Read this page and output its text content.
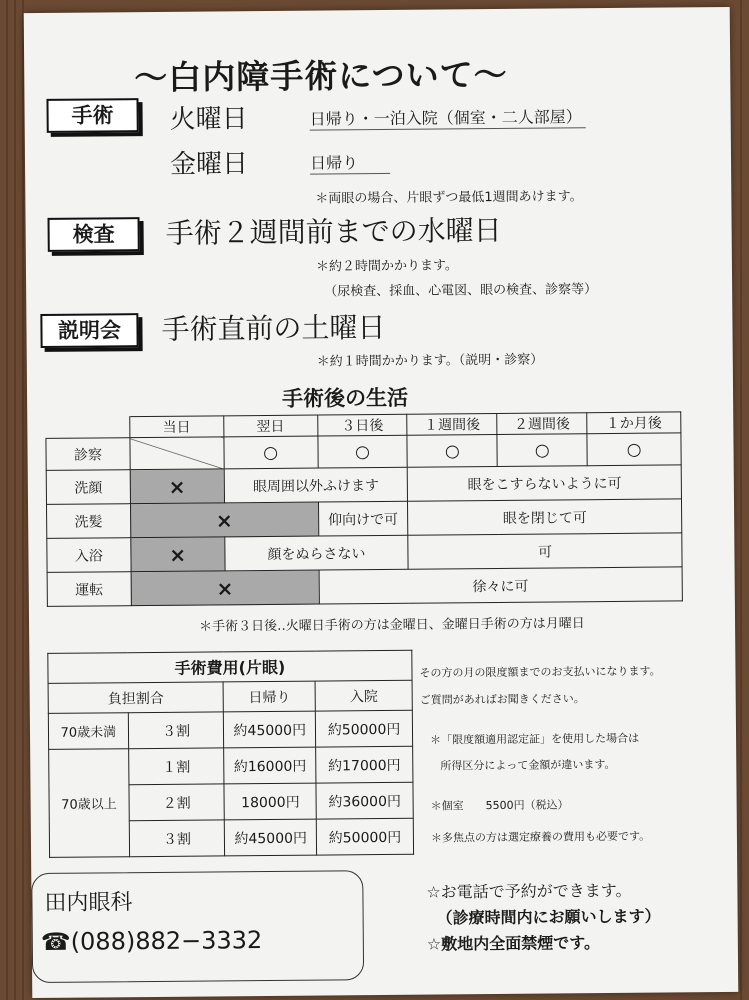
〜白内障手術について〜
手術	火曜日	日帰り・一泊入院（個室・二人部屋）
金曜日	日帰り
＊両眼の場合、片眼ずつ最低1週間あけます。
検査	手術２週間前までの水曜日
＊約２時間かかります。
（尿検査、採血、心電図、眼の検査、診察等）
説明会	手術直前の土曜日
＊約１時間かかります。（説明・診察）
手術後の生活
	当日	翌日	３日後	１週間後	２週間後	１か月後
診察		○	○	○	○	○
洗顔	×	眼周囲以外ふけます		眼をこすらないように可		
洗髪	×		仰向けで可	眼を閉じて可		
入浴	×	顔をぬらさない		可		
運転	×		徐々に可			
＊手術３日後‥火曜日手術の方は金曜日、金曜日手術の方は月曜日
手術費用(片眼)			
負担割合		日帰り	入院
70歳未満	３割	約45000円	約50000円
70歳以上	１割	約16000円	約17000円
	２割	18000円	約36000円
	３割	約45000円	約50000円
その方の月の限度額までのお支払いになります。
ご質問があればお聞きください。
＊「限度額適用認定証」を使用した場合は
所得区分によって金額が違います。
＊個室　　5500円（税込）
＊多焦点の方は選定療養の費用も必要です。
田内眼科
☎(088)882−3332
☆お電話で予約ができます。
（診療時間内にお願いします）
☆敷地内全面禁煙です。
